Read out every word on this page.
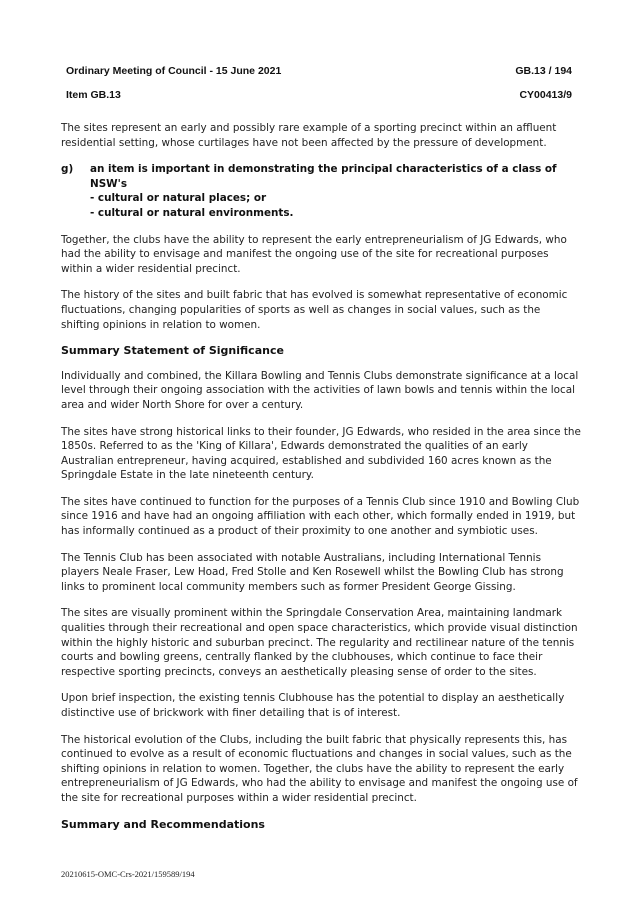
Ordinary Meeting of Council - 15 June 2021	GB.13 / 194
Item GB.13	CY00413/9

The sites represent an early and possibly rare example of a sporting precinct within an affluent residential setting, whose curtilages have not been affected by the pressure of development.

g)	an item is important in demonstrating the principal characteristics of a class of NSW's
- cultural or natural places; or
- cultural or natural environments.

Together, the clubs have the ability to represent the early entrepreneurialism of JG Edwards, who had the ability to envisage and manifest the ongoing use of the site for recreational purposes within a wider residential precinct.

The history of the sites and built fabric that has evolved is somewhat representative of economic fluctuations, changing popularities of sports as well as changes in social values, such as the shifting opinions in relation to women.

Summary Statement of Significance

Individually and combined, the Killara Bowling and Tennis Clubs demonstrate significance at a local level through their ongoing association with the activities of lawn bowls and tennis within the local area and wider North Shore for over a century.

The sites have strong historical links to their founder, JG Edwards, who resided in the area since the 1850s. Referred to as the 'King of Killara', Edwards demonstrated the qualities of an early Australian entrepreneur, having acquired, established and subdivided 160 acres known as the Springdale Estate in the late nineteenth century.

The sites have continued to function for the purposes of a Tennis Club since 1910 and Bowling Club since 1916 and have had an ongoing affiliation with each other, which formally ended in 1919, but has informally continued as a product of their proximity to one another and symbiotic uses.

The Tennis Club has been associated with notable Australians, including International Tennis players Neale Fraser, Lew Hoad, Fred Stolle and Ken Rosewell whilst the Bowling Club has strong links to prominent local community members such as former President George Gissing.

The sites are visually prominent within the Springdale Conservation Area, maintaining landmark qualities through their recreational and open space characteristics, which provide visual distinction within the highly historic and suburban precinct. The regularity and rectilinear nature of the tennis courts and bowling greens, centrally flanked by the clubhouses, which continue to face their respective sporting precincts, conveys an aesthetically pleasing sense of order to the sites.

Upon brief inspection, the existing tennis Clubhouse has the potential to display an aesthetically distinctive use of brickwork with finer detailing that is of interest.

The historical evolution of the Clubs, including the built fabric that physically represents this, has continued to evolve as a result of economic fluctuations and changes in social values, such as the shifting opinions in relation to women. Together, the clubs have the ability to represent the early entrepreneurialism of JG Edwards, who had the ability to envisage and manifest the ongoing use of the site for recreational purposes within a wider residential precinct.

Summary and Recommendations
20210615-OMC-Crs-2021/159589/194
